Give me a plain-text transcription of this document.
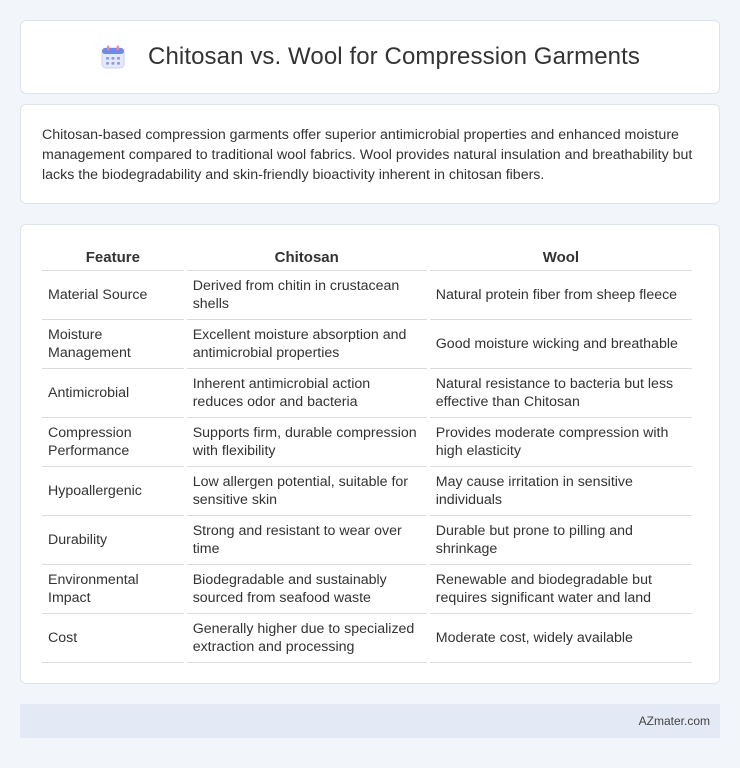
Chitosan vs. Wool for Compression Garments

Chitosan-based compression garments offer superior antimicrobial properties and enhanced moisture management compared to traditional wool fabrics. Wool provides natural insulation and breathability but lacks the biodegradability and skin-friendly bioactivity inherent in chitosan fibers.

Feature	Chitosan	Wool
Material Source	Derived from chitin in crustacean shells	Natural protein fiber from sheep fleece
Moisture Management	Excellent moisture absorption and antimicrobial properties	Good moisture wicking and breathable
Antimicrobial	Inherent antimicrobial action reduces odor and bacteria	Natural resistance to bacteria but less effective than Chitosan
Compression Performance	Supports firm, durable compression with flexibility	Provides moderate compression with high elasticity
Hypoallergenic	Low allergen potential, suitable for sensitive skin	May cause irritation in sensitive individuals
Durability	Strong and resistant to wear over time	Durable but prone to pilling and shrinkage
Environmental Impact	Biodegradable and sustainably sourced from seafood waste	Renewable and biodegradable but requires significant water and land
Cost	Generally higher due to specialized extraction and processing	Moderate cost, widely available
AZmater.com
